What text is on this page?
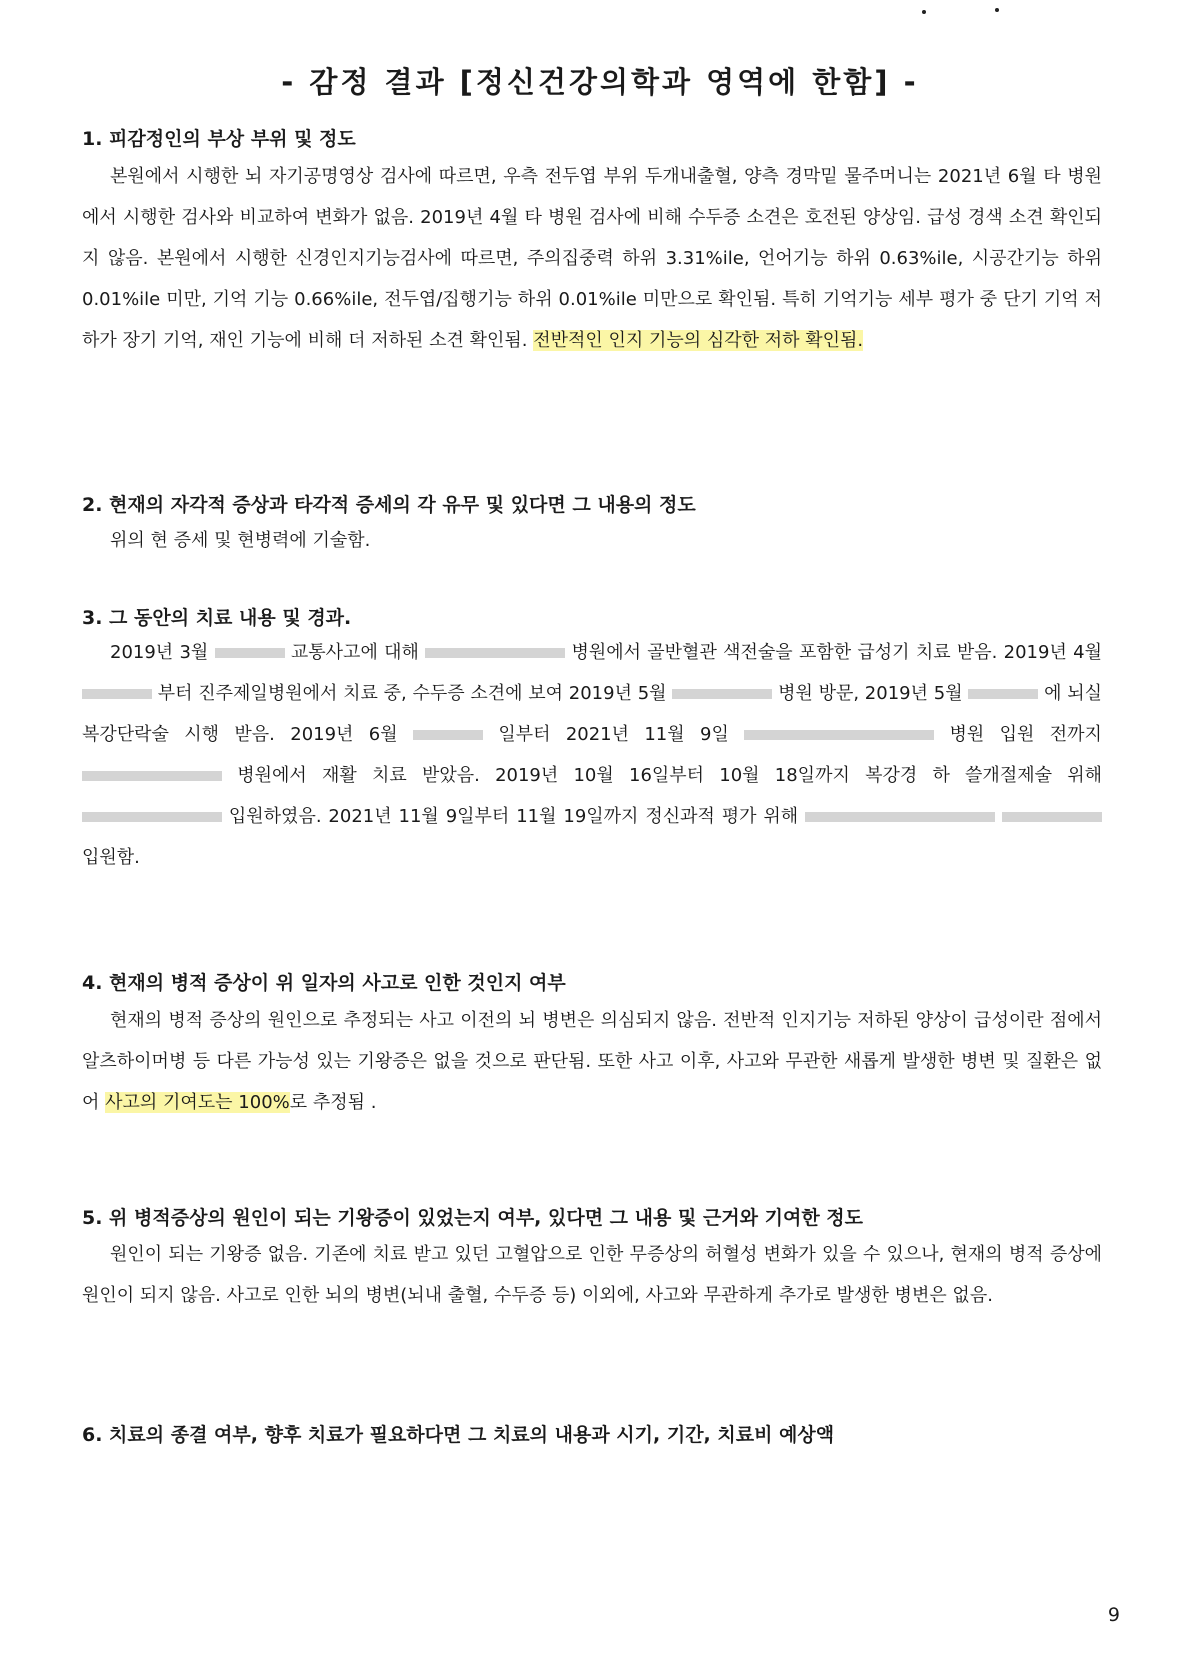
- 감정 결과 [정신건강의학과 영역에 한함] -
1. 피감정인의 부상 부위 및 정도

본원에서 시행한 뇌 자기공명영상 검사에 따르면, 우측 전두엽 부위 두개내출혈, 양측 경막밑 물주머니는 2021년 6월 타 병원에서 시행한 검사와 비교하여 변화가 없음. 2019년 4월 타 병원 검사에 비해 수두증 소견은 호전된 양상임. 급성 경색 소견 확인되지 않음. 본원에서 시행한 신경인지기능검사에 따르면, 주의집중력 하위 3.31%ile, 언어기능 하위 0.63%ile, 시공간기능 하위 0.01%ile 미만, 기억 기능 0.66%ile, 전두엽/집행기능 하위 0.01%ile 미만으로 확인됨. 특히 기억기능 세부 평가 중 단기 기억 저하가 장기 기억, 재인 기능에 비해 더 저하된 소견 확인됨. 전반적인 인지 기능의 심각한 저하 확인됨.

2. 현재의 자각적 증상과 타각적 증세의 각 유무 및 있다면 그 내용의 정도

위의 현 증세 및 현병력에 기술함.

3. 그 동안의 치료 내용 및 경과.

2019년 3월	교통사고에 대해	병원에서 골반혈관 색전술을 포함한 급성기 치료 받음. 2019년 4월  부터 진주제일병원에서 치료 중, 수두증 소견에 보여 2019년 5월	병원 방문, 2019년 5월	에 뇌실복강단락술 시행 받음. 2019년 6월	일부터 2021년 11월 9일	병원 입원 전까지  병원에서 재활 치료 받았음. 2019년 10월 16일부터 10월 18일까지 복강경 하 쓸개절제술 위해  입원하였음. 2021년 11월 9일부터 11월 19일까지 정신과적 평가 위해   입원함.

4. 현재의 병적 증상이 위 일자의 사고로 인한 것인지 여부

현재의 병적 증상의 원인으로 추정되는 사고 이전의 뇌 병변은 의심되지 않음. 전반적 인지기능 저하된 양상이 급성이란 점에서 알츠하이머병 등 다른 가능성 있는 기왕증은 없을 것으로 판단됨. 또한 사고 이후, 사고와 무관한 새롭게 발생한 병변 및 질환은 없어 사고의 기여도는 100%로 추정됨 .

5. 위 병적증상의 원인이 되는 기왕증이 있었는지 여부, 있다면 그 내용 및 근거와 기여한 정도

원인이 되는 기왕증 없음. 기존에 치료 받고 있던 고혈압으로 인한 무증상의 허혈성 변화가 있을 수 있으나, 현재의 병적 증상에 원인이 되지 않음. 사고로 인한 뇌의 병변(뇌내 출혈, 수두증 등) 이외에, 사고와 무관하게 추가로 발생한 병변은 없음.

6. 치료의 종결 여부, 향후 치료가 필요하다면 그 치료의 내용과 시기, 기간, 치료비 예상액
9
